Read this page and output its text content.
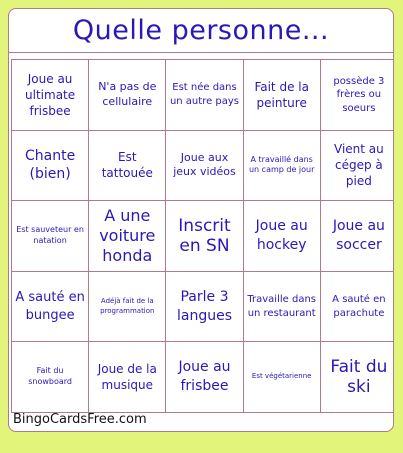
Quelle personne...
Joue au ultimate frisbee
N'a pas de cellulaire
Est née dans un autre pays
Fait de la peinture
possède 3 frères ou soeurs
Chante (bien)
Est tattouée
Joue aux jeux vidéos
A travaillé dans un camp de jour
Vient au cégep à pied
Est sauveteur en natation
A une voiture honda
Inscrit en SN
Joue au hockey
Joue au soccer
A sauté en bungee
Adéjà fait de la programmation
Parle 3 langues
Travaille dans un restaurant
A sauté en parachute
Fait du snowboard
Joue de la musique
Joue au frisbee
Est végétarienne	Fait du ski
BingoCardsFree.com
